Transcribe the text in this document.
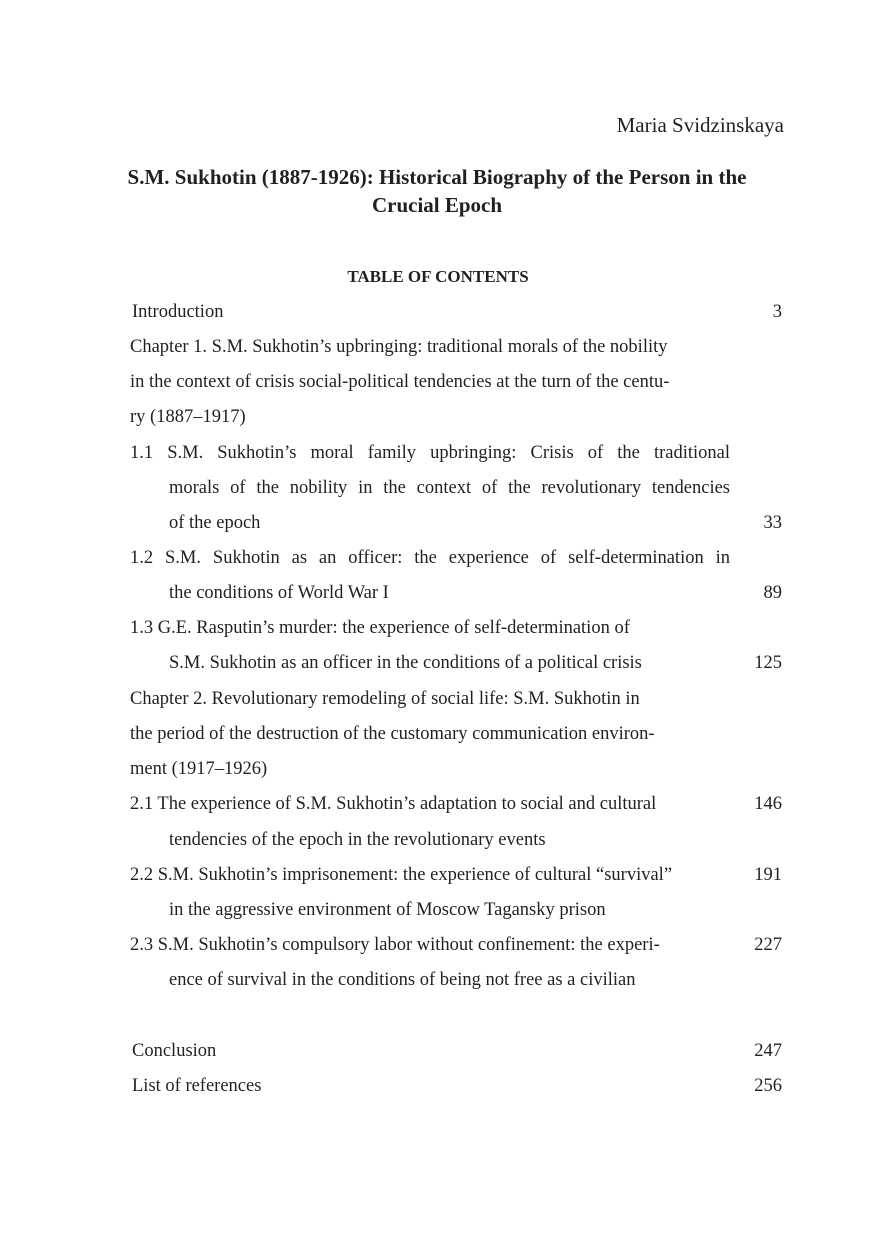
Maria Svidzinskaya
S.M. Sukhotin (1887-1926): Historical Biography of the Person in the
Crucial Epoch
TABLE OF CONTENTS
Introduction	3
Chapter 1. S.M. Sukhotin’s upbringing: traditional morals of the nobility
in the context of crisis social-political tendencies at the turn of the centu-
ry (1887–1917)
1.1 S.M. Sukhotin’s moral family upbringing: Crisis of the traditional
morals of the nobility in the context of the revolutionary tendencies
of the epoch	33
1.2 S.M. Sukhotin as an officer: the experience of self-determination in
the conditions of World War I	89
1.3 G.E. Rasputin’s murder: the experience of self-determination of
S.M. Sukhotin as an officer in the conditions of a political crisis	125
Chapter 2. Revolutionary remodeling of social life: S.M. Sukhotin in
the period of the destruction of the customary communication environ-
ment (1917–1926)
2.1 The experience of S.M. Sukhotin’s adaptation to social and cultural	146
tendencies of the epoch in the revolutionary events
2.2 S.M. Sukhotin’s imprisonement: the experience of cultural “survival”	191
in the aggressive environment of Moscow Tagansky prison
2.3 S.M. Sukhotin’s compulsory labor without confinement: the experi-	227
ence of survival in the conditions of being not free as a civilian
Conclusion	247
List of references	256
